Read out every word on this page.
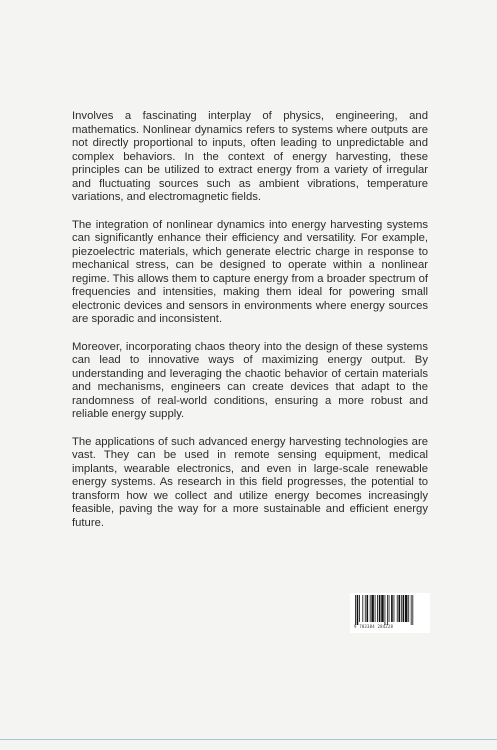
Involves a fascinating interplay of physics, engineering, and mathematics. Nonlinear dynamics refers to systems where outputs are not directly proportional to inputs, often leading to unpredictable and complex behaviors. In the context of energy harvesting, these principles can be utilized to extract energy from a variety of irregular and fluctuating sources such as ambient vibrations, temperature variations, and electromagnetic fields.

The integration of nonlinear dynamics into energy harvesting systems can significantly enhance their efficiency and versatility. For example, piezoelectric materials, which generate electric charge in response to mechanical stress, can be designed to operate within a nonlinear regime. This allows them to capture energy from a broader spectrum of frequencies and intensities, making them ideal for powering small electronic devices and sensors in environments where energy sources are sporadic and inconsistent.

Moreover, incorporating chaos theory into the design of these systems can lead to innovative ways of maximizing energy output. By understanding and leveraging the chaotic behavior of certain materials and mechanisms, engineers can create devices that adapt to the randomness of real-world conditions, ensuring a more robust and reliable energy supply.

The applications of such advanced energy harvesting technologies are vast. They can be used in remote sensing equipment, medical implants, wearable electronics, and even in large-scale renewable energy systems. As research in this field progresses, the potential to transform how we collect and utilize energy becomes increasingly feasible, paving the way for a more sustainable and efficient energy future.

9 783384 284228
